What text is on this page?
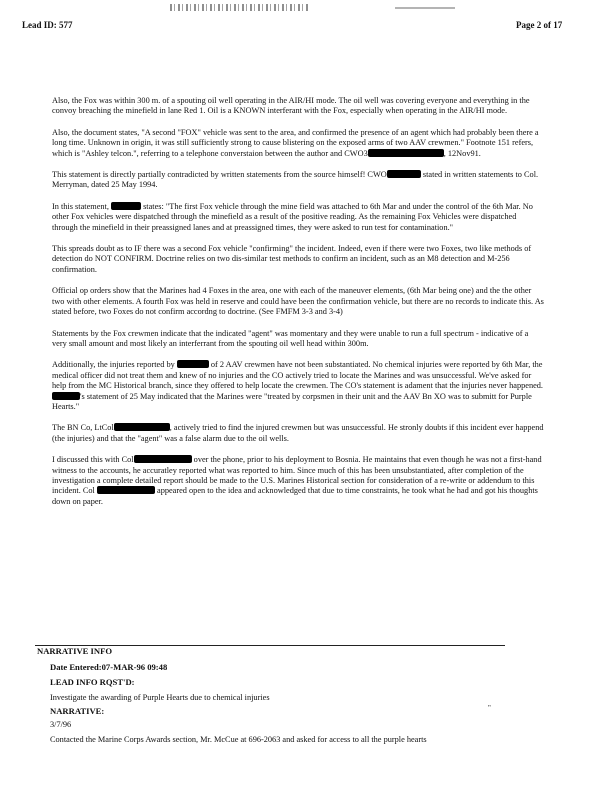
Lead ID: 577	Page 2 of 17

Also, the Fox was within 300 m. of a spouting oil well operating in the AIR/HI mode. The oil well was covering everyone and everything in the convoy breaching the minefield in lane Red 1. Oil is a KNOWN interferant with the Fox, especially when operating in the AIR/HI mode.

Also, the document states, "A second "FOX" vehicle was sent to the area, and confirmed the presence of an agent which had probably been there a long time. Unknown in origin, it was still sufficiently strong to cause blistering on the exposed arms of two AAV crewmen." Footnote 151 refers, which is "Ashley telcon.", referring to a telephone converstaion between the author and CWO3	, 12Nov91.

This statement is directly partially contradicted by written statements from the source himself! CWO	stated in written statements to Col. Merryman, dated 25 May 1994.

In this statement,	states: "The first Fox vehicle through the mine field was attached to 6th Mar and under the control of the 6th Mar. No other Fox vehicles were dispatched through the minefield as a result of the positive reading. As the remaining Fox Vehicles were dispatched through the minefield in their preassigned lanes and at preassigned times, they were asked to run test for contamination."

This spreads doubt as to IF there was a second Fox vehicle "confirming" the incident. Indeed, even if there were two Foxes, two like methods of detection do NOT CONFIRM. Doctrine relies on two dis-similar test methods to confirm an incident, such as an M8 detection and M-256 confirmation.

Official op orders show that the Marines had 4 Foxes in the area, one with each of the maneuver elements, (6th Mar being one) and the the other two with other elements. A fourth Fox was held in reserve and could have been the confirmation vehicle, but there are no records to indicate this. As stated before, two Foxes do not confirm accordng to doctrine. (See FMFM 3-3 and 3-4)

Statements by the Fox crewmen indicate that the indicated "agent" was momentary and they were unable to run a full spectrum - indicative of a very small amount and most likely an interferrant from the spouting oil well head within 300m.

Additionally, the injuries reported by	of 2 AAV crewmen have not been substantiated. No chemical injuries were reported by 6th Mar, the medical officer did not treat them and knew of no injuries and the CO actively tried to locate the Marines and was unsuccessful. We've asked for help from the MC Historical branch, since they offered to help locate the crewmen. The CO's statement is adament that the injuries never happened. 's statement of 25 May indicated that the Marines were "treated by corpsmen in their unit and the AAV Bn XO was to submitt for Purple Hearts."

The BN Co, LtCol	, actively tried to find the injured crewmen but was unsuccessful. He stronly doubts if this incident ever happend (the injuries) and that the "agent" was a false alarm due to the oil wells.

I discussed this with Col	over the phone, prior to his deployment to Bosnia. He maintains that even though he was not a first-hand witness to the accounts, he accuratley reported what was reported to him. Since much of this has been unsubstantiated, after completion of the investigation a complete detailed report should be made to the U.S. Marines Historical section for consideration of a re-write or addendum to this incident. Col	appeared open to the idea and acknowledged that due to time constraints, he took what he had and got his thoughts down on paper.

NARRATIVE INFO
Date Entered:07-MAR-96 09:48
LEAD INFO RQST'D:
Investigate the awarding of Purple Hearts due to chemical injuries
NARRATIVE:	"
3/7/96
Contacted the Marine Corps Awards section, Mr. McCue at 696-2063 and asked for access to all the purple hearts
